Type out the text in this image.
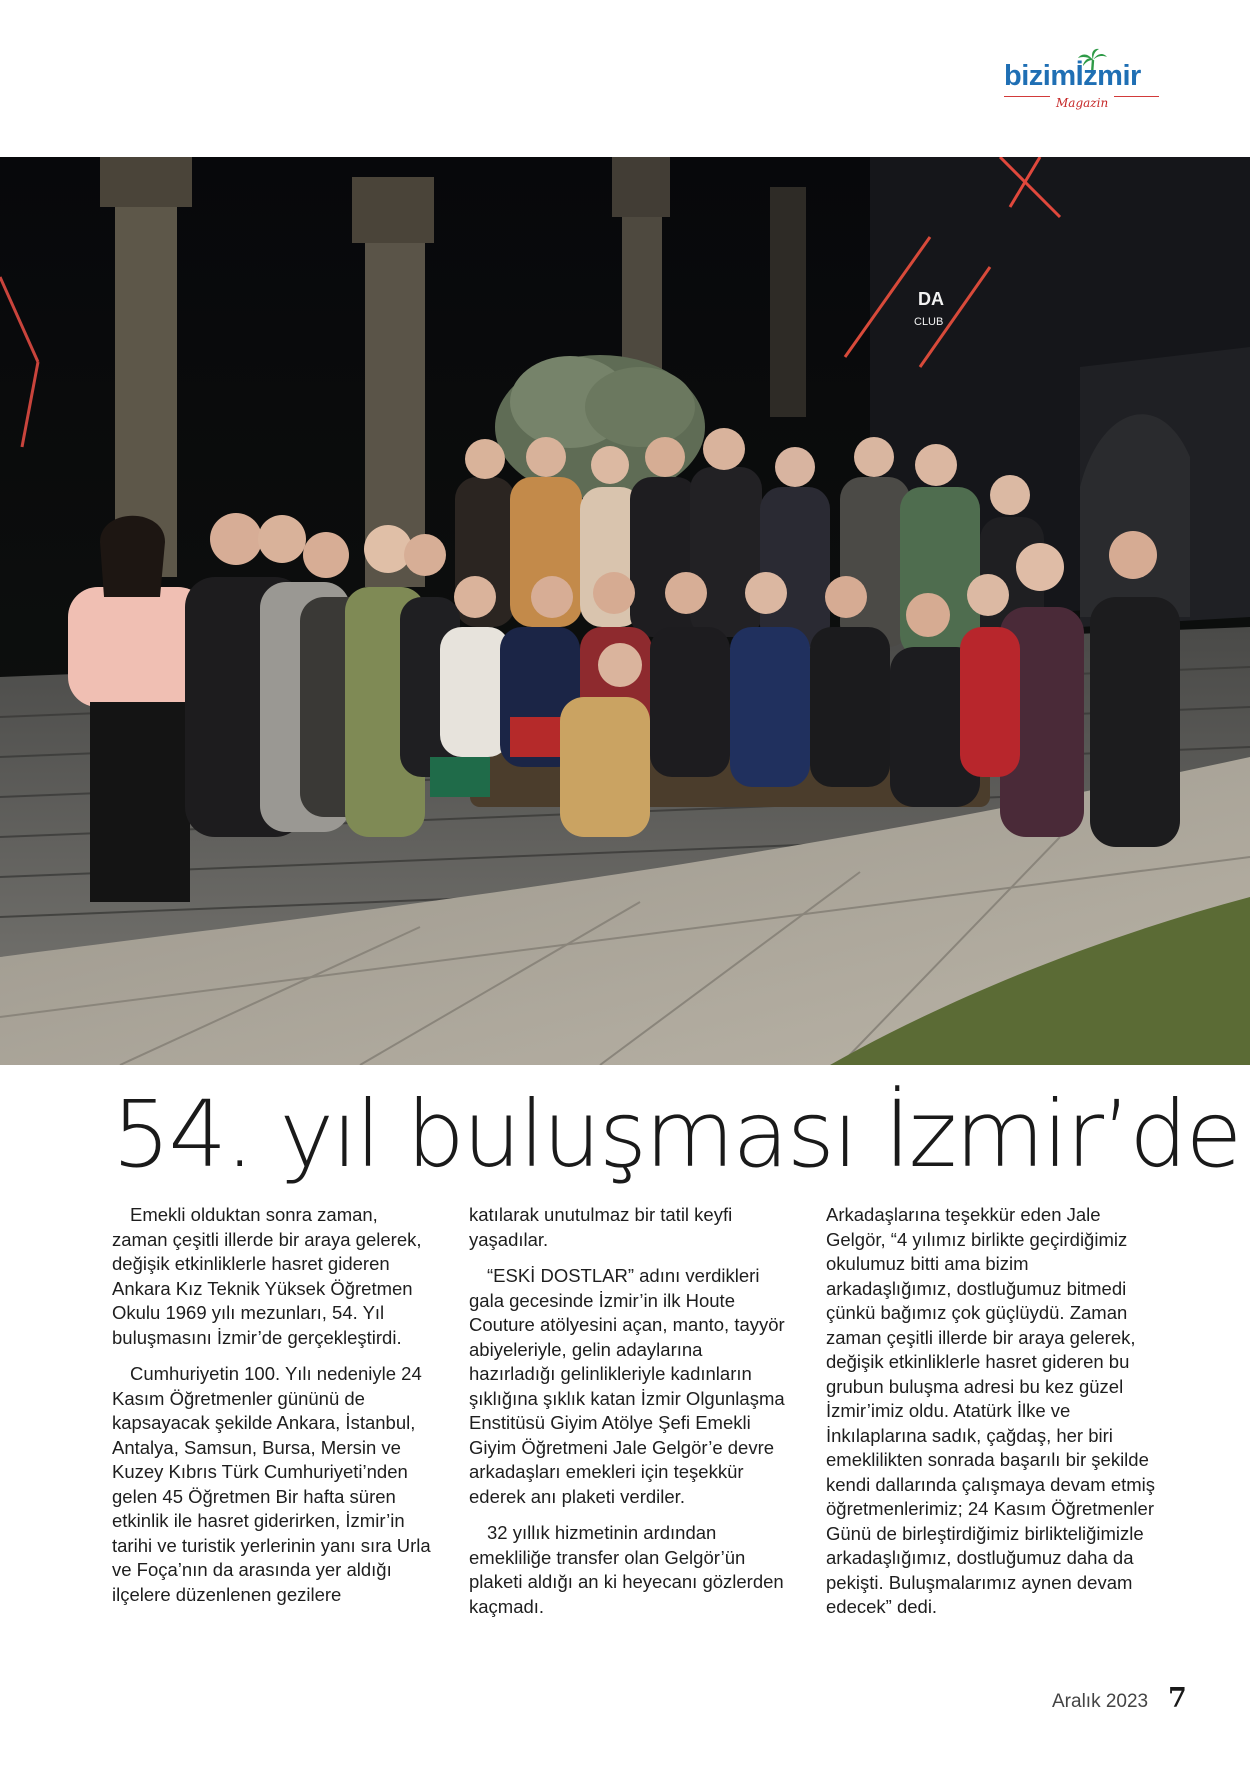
bizimİzmir
Magazin
DA
CLUB
54. yıl buluşması İzmir’de

Emekli olduktan sonra zaman, zaman çeşitli illerde bir araya gelerek, değişik etkinliklerle hasret gideren Ankara Kız Teknik Yüksek Öğretmen Okulu 1969 yılı mezunları, 54. Yıl buluşmasını İzmir’de gerçekleştirdi.

Cumhuriyetin 100. Yılı nedeniyle 24 Kasım Öğretmenler gününü de kapsayacak şekilde Ankara, İstanbul, Antalya, Samsun, Bursa, Mersin ve Kuzey Kıbrıs Türk Cumhuriyeti’nden gelen 45 Öğretmen Bir hafta süren etkinlik ile hasret giderirken, İzmir’in tarihi ve turistik yerlerinin yanı sıra Urla ve Foça’nın da arasında yer aldığı ilçelere düzenlenen gezilere

katılarak unutulmaz bir tatil keyfi yaşadılar.

“ESKİ DOSTLAR” adını verdikleri gala gecesinde İzmir’in ilk Houte Couture atölyesini açan, manto, tayyör abiyeleriyle, gelin adaylarına hazırladığı gelinlikleriyle kadınların şıklığına şıklık katan İzmir Olgunlaşma Enstitüsü Giyim Atölye Şefi Emekli Giyim Öğretmeni Jale Gelgör’e devre arkadaşları emekleri için teşekkür ederek anı plaketi verdiler.

32 yıllık hizmetinin ardından emekliliğe transfer olan Gelgör’ün plaketi aldığı an ki heyecanı gözlerden kaçmadı.

Arkadaşlarına teşekkür eden Jale Gelgör, “4 yılımız birlikte geçirdiğimiz okulumuz bitti ama bizim arkadaşlığımız, dostluğumuz bitmedi çünkü bağımız çok güçlüydü. Zaman zaman çeşitli illerde bir araya gelerek, değişik etkinliklerle hasret gideren bu grubun buluşma adresi bu kez güzel İzmir’imiz oldu. Atatürk İlke ve İnkılaplarına sadık, çağdaş, her biri emeklilikten sonrada başarılı bir şekilde kendi dallarında çalışmaya devam etmiş öğretmenlerimiz; 24 Kasım Öğretmenler Günü de birleştirdiğimiz birlikteliğimizle arkadaşlığımız, dostluğumuz daha da pekişti. Buluşmalarımız aynen devam edecek” dedi.

Aralık 2023 7
